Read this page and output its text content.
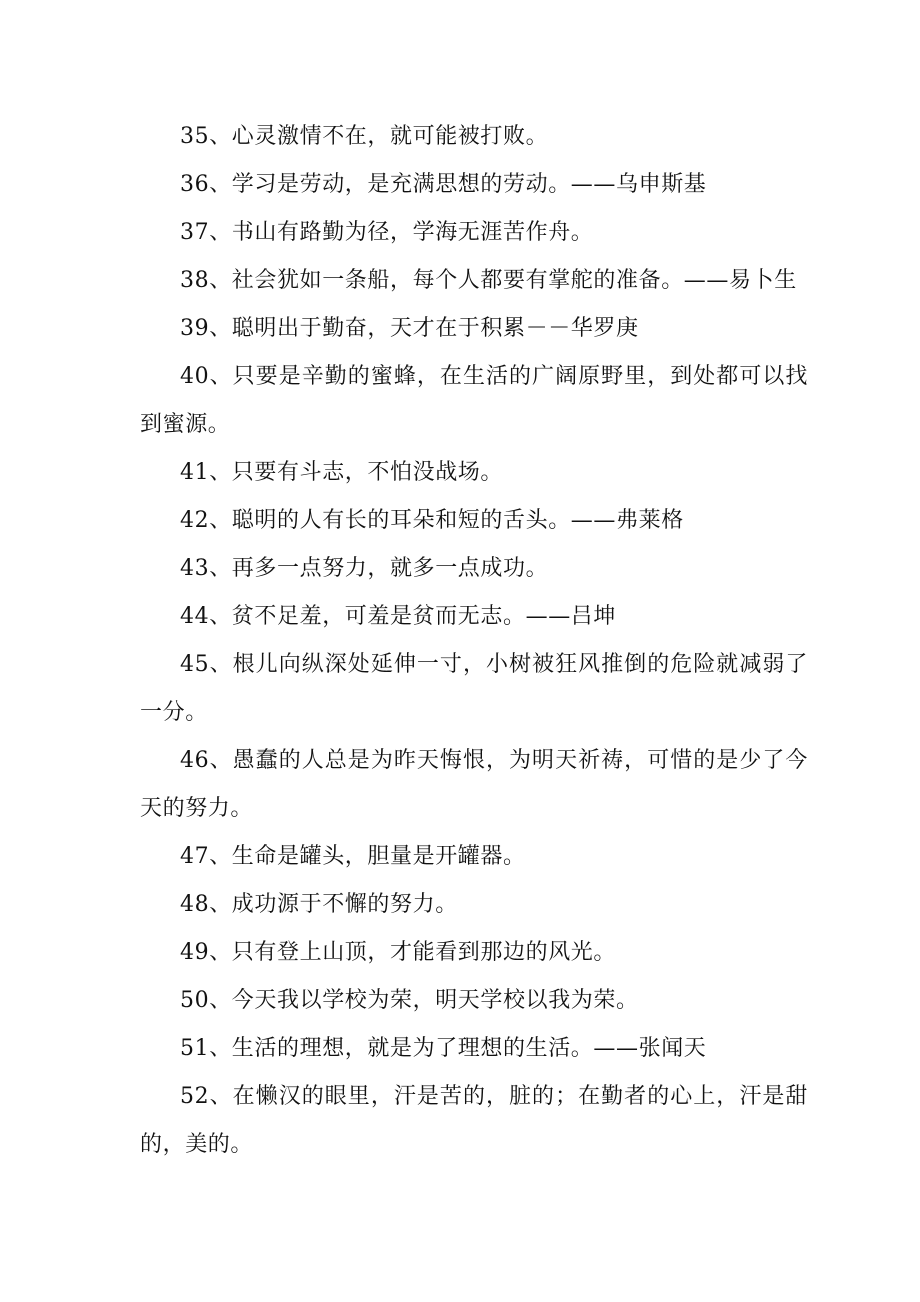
35、心灵激情不在，就可能被打败。

36、学习是劳动，是充满思想的劳动。——乌申斯基

37、书山有路勤为径，学海无涯苦作舟。

38、社会犹如一条船，每个人都要有掌舵的准备。——易卜生

39、聪明出于勤奋，天才在于积累－－华罗庚

40、只要是辛勤的蜜蜂，在生活的广阔原野里，到处都可以找到蜜源。

41、只要有斗志，不怕没战场。

42、聪明的人有长的耳朵和短的舌头。——弗莱格

43、再多一点努力，就多一点成功。

44、贫不足羞，可羞是贫而无志。——吕坤

45、根儿向纵深处延伸一寸，小树被狂风推倒的危险就减弱了一分。

46、愚蠢的人总是为昨天悔恨，为明天祈祷，可惜的是少了今天的努力。

47、生命是罐头，胆量是开罐器。

48、成功源于不懈的努力。

49、只有登上山顶，才能看到那边的风光。

50、今天我以学校为荣，明天学校以我为荣。

51、生活的理想，就是为了理想的生活。——张闻天

52、在懒汉的眼里，汗是苦的，脏的；在勤者的心上，汗是甜的，美的。
